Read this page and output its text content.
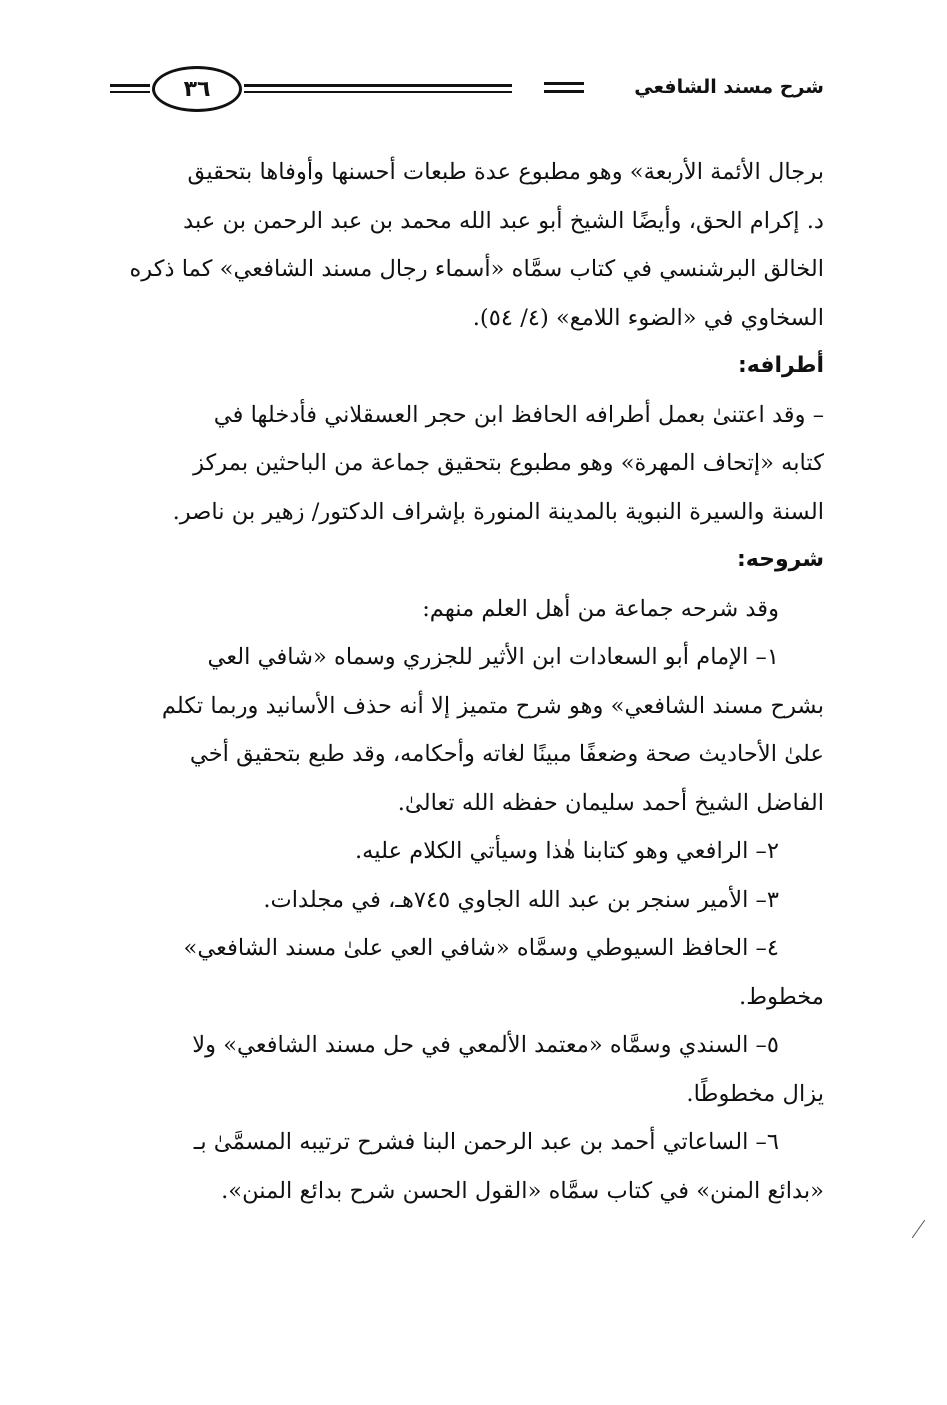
٣٦	شرح مسند الشافعي
برجال الأئمة الأربعة» وهو مطبوع عدة طبعات أحسنها وأوفاها بتحقيق
د. إكرام الحق، وأيضًا الشيخ أبو عبد الله محمد بن عبد الرحمن بن عبد
الخالق البرشنسي في كتاب سمَّاه «أسماء رجال مسند الشافعي» كما ذكره
السخاوي في «الضوء اللامع» (٤/ ٥٤).
أطرافه:
– وقد اعتنىٰ بعمل أطرافه الحافظ ابن حجر العسقلاني فأدخلها في
كتابه «إتحاف المهرة» وهو مطبوع بتحقيق جماعة من الباحثين بمركز
السنة والسيرة النبوية بالمدينة المنورة بإشراف الدكتور/ زهير بن ناصر.
شروحه:
وقد شرحه جماعة من أهل العلم منهم:
١– الإمام أبو السعادات ابن الأثير للجزري وسماه «شافي العي
بشرح مسند الشافعي» وهو شرح متميز إلا أنه حذف الأسانيد وربما تكلم
علىٰ الأحاديث صحة وضعفًا مبينًا لغاته وأحكامه، وقد طبع بتحقيق أخي
الفاضل الشيخ أحمد سليمان حفظه الله تعالىٰ.
٢– الرافعي وهو كتابنا هٰذا وسيأتي الكلام عليه.
٣– الأمير سنجر بن عبد الله الجاوي ٧٤٥هـ، في مجلدات.
٤– الحافظ السيوطي وسمَّاه «شافي العي علىٰ مسند الشافعي»
مخطوط.
٥– السندي وسمَّاه «معتمد الألمعي في حل مسند الشافعي» ولا
يزال مخطوطًا.
٦– الساعاتي أحمد بن عبد الرحمن البنا فشرح ترتيبه المسمَّىٰ بـ
«بدائع المنن» في كتاب سمَّاه «القول الحسن شرح بدائع المنن».
